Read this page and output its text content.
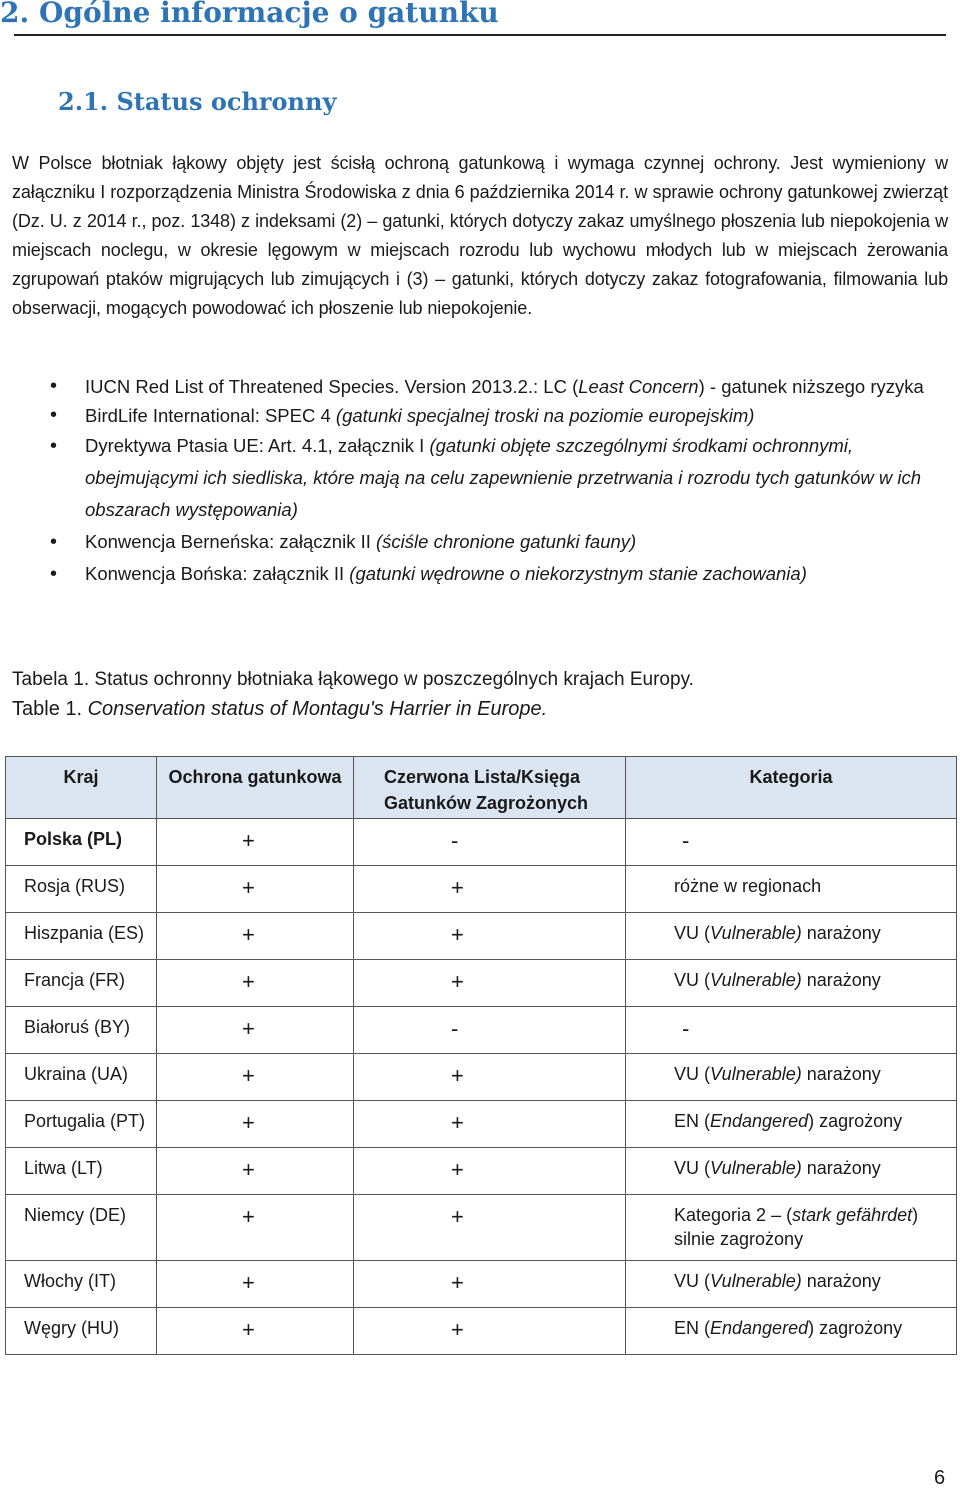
2. Ogólne informacje o gatunku
2.1. Status ochronny
W Polsce błotniak łąkowy objęty jest ścisłą ochroną gatunkową i wymaga czynnej ochrony. Jest wymieniony w załączniku I rozporządzenia Ministra Środowiska z dnia 6 października 2014 r. w sprawie ochrony gatunkowej zwierząt (Dz. U. z 2014 r., poz. 1348) z indeksami (2) – gatunki, których dotyczy zakaz umyślnego płoszenia lub niepokojenia w miejscach noclegu, w okresie lęgowym w miejscach rozrodu lub wychowu młodych lub w miejscach żerowania zgrupowań ptaków migrujących lub zimujących i (3) – gatunki, których dotyczy zakaz fotografowania, filmowania lub obserwacji, mogących powodować ich płoszenie lub niepokojenie.
• IUCN Red List of Threatened Species. Version 2013.2.: LC (Least Concern) - gatunek niższego ryzyka
• BirdLife International: SPEC 4 (gatunki specjalnej troski na poziomie europejskim)
• Dyrektywa Ptasia UE: Art. 4.1, załącznik I (gatunki objęte szczególnymi środkami ochronnymi, obejmującymi ich siedliska, które mają na celu zapewnienie przetrwania i rozrodu tych gatunków w ich obszarach występowania)
• Konwencja Berneńska: załącznik II (ściśle chronione gatunki fauny)
• Konwencja Bońska: załącznik II (gatunki wędrowne o niekorzystnym stanie zachowania)
Tabela 1. Status ochronny błotniaka łąkowego w poszczególnych krajach Europy.
Table 1. Conservation status of Montagu's Harrier in Europe.
Kraj	Ochrona gatunkowa	Czerwona Lista/Księga Gatunków Zagrożonych	Kategoria
Polska (PL)	+	-	-
Rosja (RUS)	+	+	różne w regionach
Hiszpania (ES)	+	+	VU (Vulnerable) narażony
Francja (FR)	+	+	VU (Vulnerable) narażony
Białoruś (BY)	+	-	-
Ukraina (UA)	+	+	VU (Vulnerable) narażony
Portugalia (PT)	+	+	EN (Endangered) zagrożony
Litwa (LT)	+	+	VU (Vulnerable) narażony
Niemcy (DE)	+	+	Kategoria 2 – (stark gefährdet) silnie zagrożony
Włochy (IT)	+	+	VU (Vulnerable) narażony
Węgry (HU)	+	+	EN (Endangered) zagrożony
6
